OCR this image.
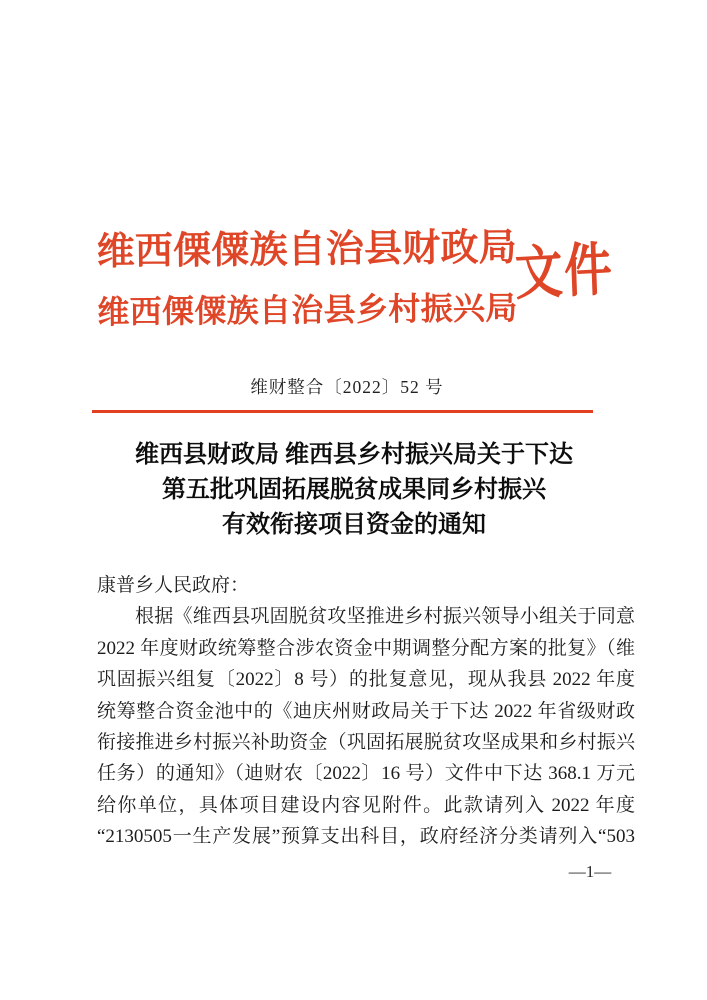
维西傈僳族自治县财政局
维西傈僳族自治县乡村振兴局
文件
维财整合〔2022〕52 号
维西县财政局 维西县乡村振兴局关于下达
第五批巩固拓展脱贫成果同乡村振兴
有效衔接项目资金的通知
康普乡人民政府：
根据《维西县巩固脱贫攻坚推进乡村振兴领导小组关于同意
2022 年度财政统筹整合涉农资金中期调整分配方案的批复》（维
巩固振兴组复〔2022〕8 号）的批复意见，现从我县 2022 年度
统筹整合资金池中的《迪庆州财政局关于下达 2022 年省级财政
衔接推进乡村振兴补助资金（巩固拓展脱贫攻坚成果和乡村振兴
任务）的通知》（迪财农〔2022〕16 号）文件中下达 368.1 万元
给你单位，具体项目建设内容见附件。此款请列入 2022 年度
“2130505一生产发展”预算支出科目，政府经济分类请列入“503
—1—
